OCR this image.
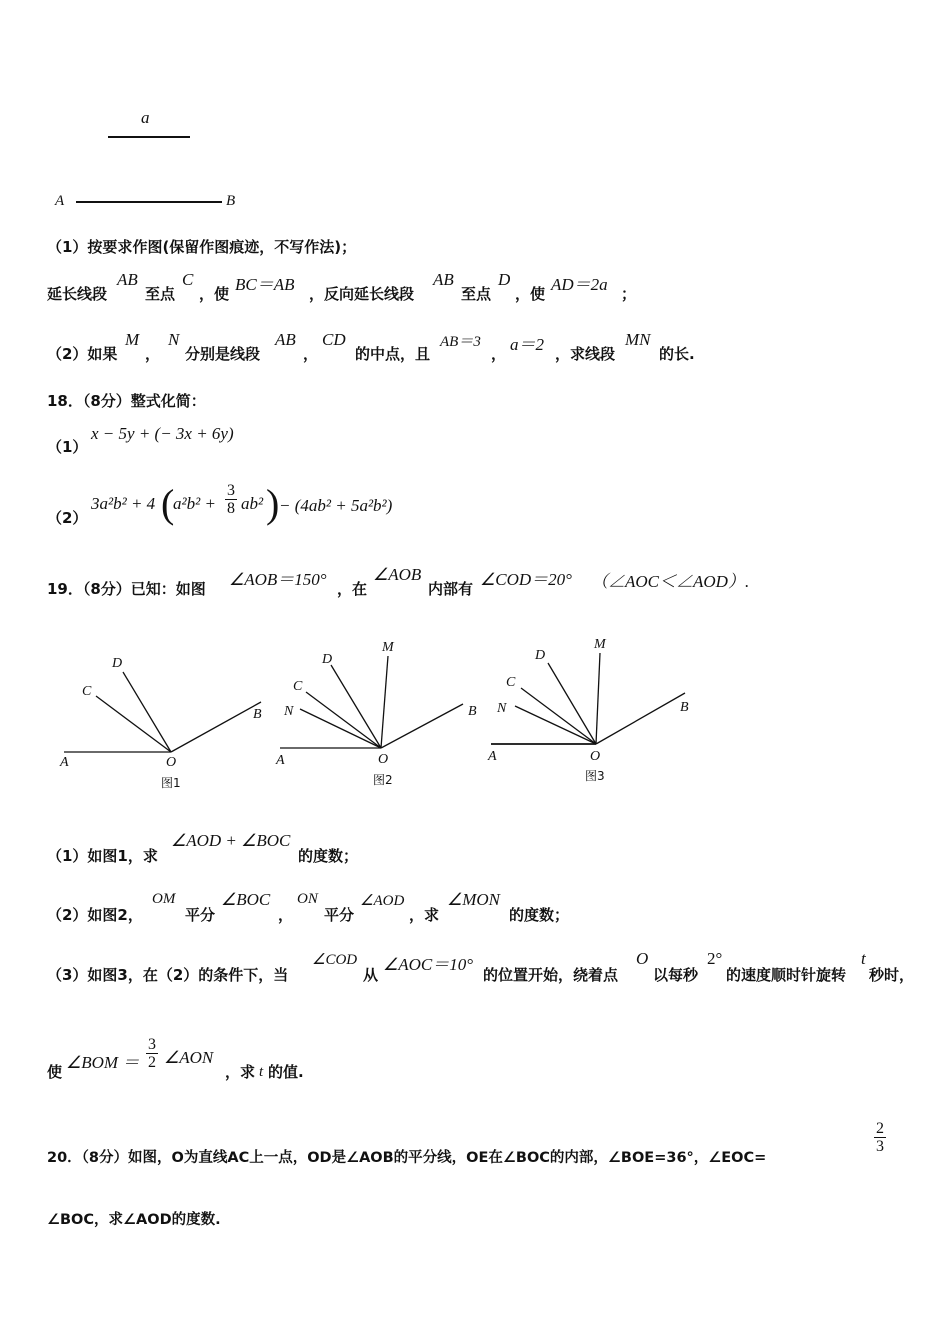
a
A	B
（1）按要求作图(保留作图痕迹，不写作法)；
延长线段
AB
至点
C
，使 BC＝AB ，反向延长线段
AB
至点
D
，使 AD＝2a ；
（2）如果
M
，
N
分别是线段
AB
，
CD
的中点，且
AB＝3
， a＝2 ，求线段
MN
的长.
18．（8分）整式化简：
（1）
x − 5y + (− 3x + 6y)
（2）
3a²b² + 4 (
$a^2b^2 + \frac{3}{8} ab^2$ ) − (4ab² + 5a²b²)
19．（8分）已知：如图 ∠AOB＝150° ，在
∠AOB
内部有 ∠COD＝20° （∠AOC＜∠AOD）.
A	O
B
C
D
图1
A	O
B
C
D
M
N
图2
A	O
B
C
D
M
N
图3
（1）如图1，求
∠AOD + ∠BOC
的度数；
（2）如图2，
OM
平分
∠BOC
，
ON
平分
∠AOD
，求
∠MON
的度数；
（3）如图3，在（2）的条件下，当
∠COD
从
∠AOC＝10°
的位置开始，绕着点
O
以每秒
2°
的速度顺时针旋转
t
秒时，
使 ∠BOM ＝ $\frac{3}{2}$ ∠AON
，求 t 的值.
20．（8分）如图，O为直线AC上一点，OD是∠AOB的平分线，OE在∠BOC的内部，∠BOE=36°，∠EOC=
$\frac{2}{3}$
∠BOC，求∠AOD的度数.
